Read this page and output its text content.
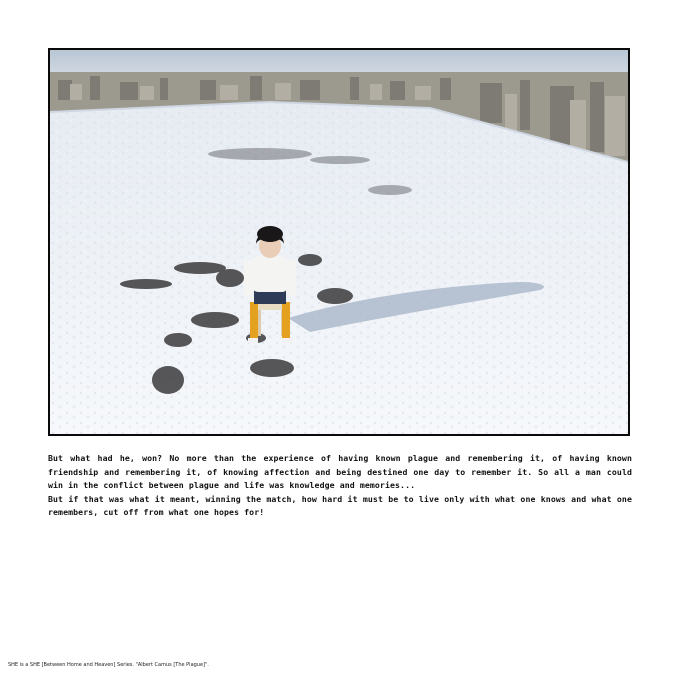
But what had he, won? No more than the experience of having known plague and remembering it, of having known friendship and remembering it, of knowing affection and being destined one day to remember it. So all a man could win in the conflict between plague and life was knowledge and memories...

But if that was what it meant, winning the match, how hard it must be to live only with what one knows and what one remembers, cut off from what one hopes for!

SHE is a SHE [Between Home and Heaven] Series. "Albert Camus [The Plague]".
